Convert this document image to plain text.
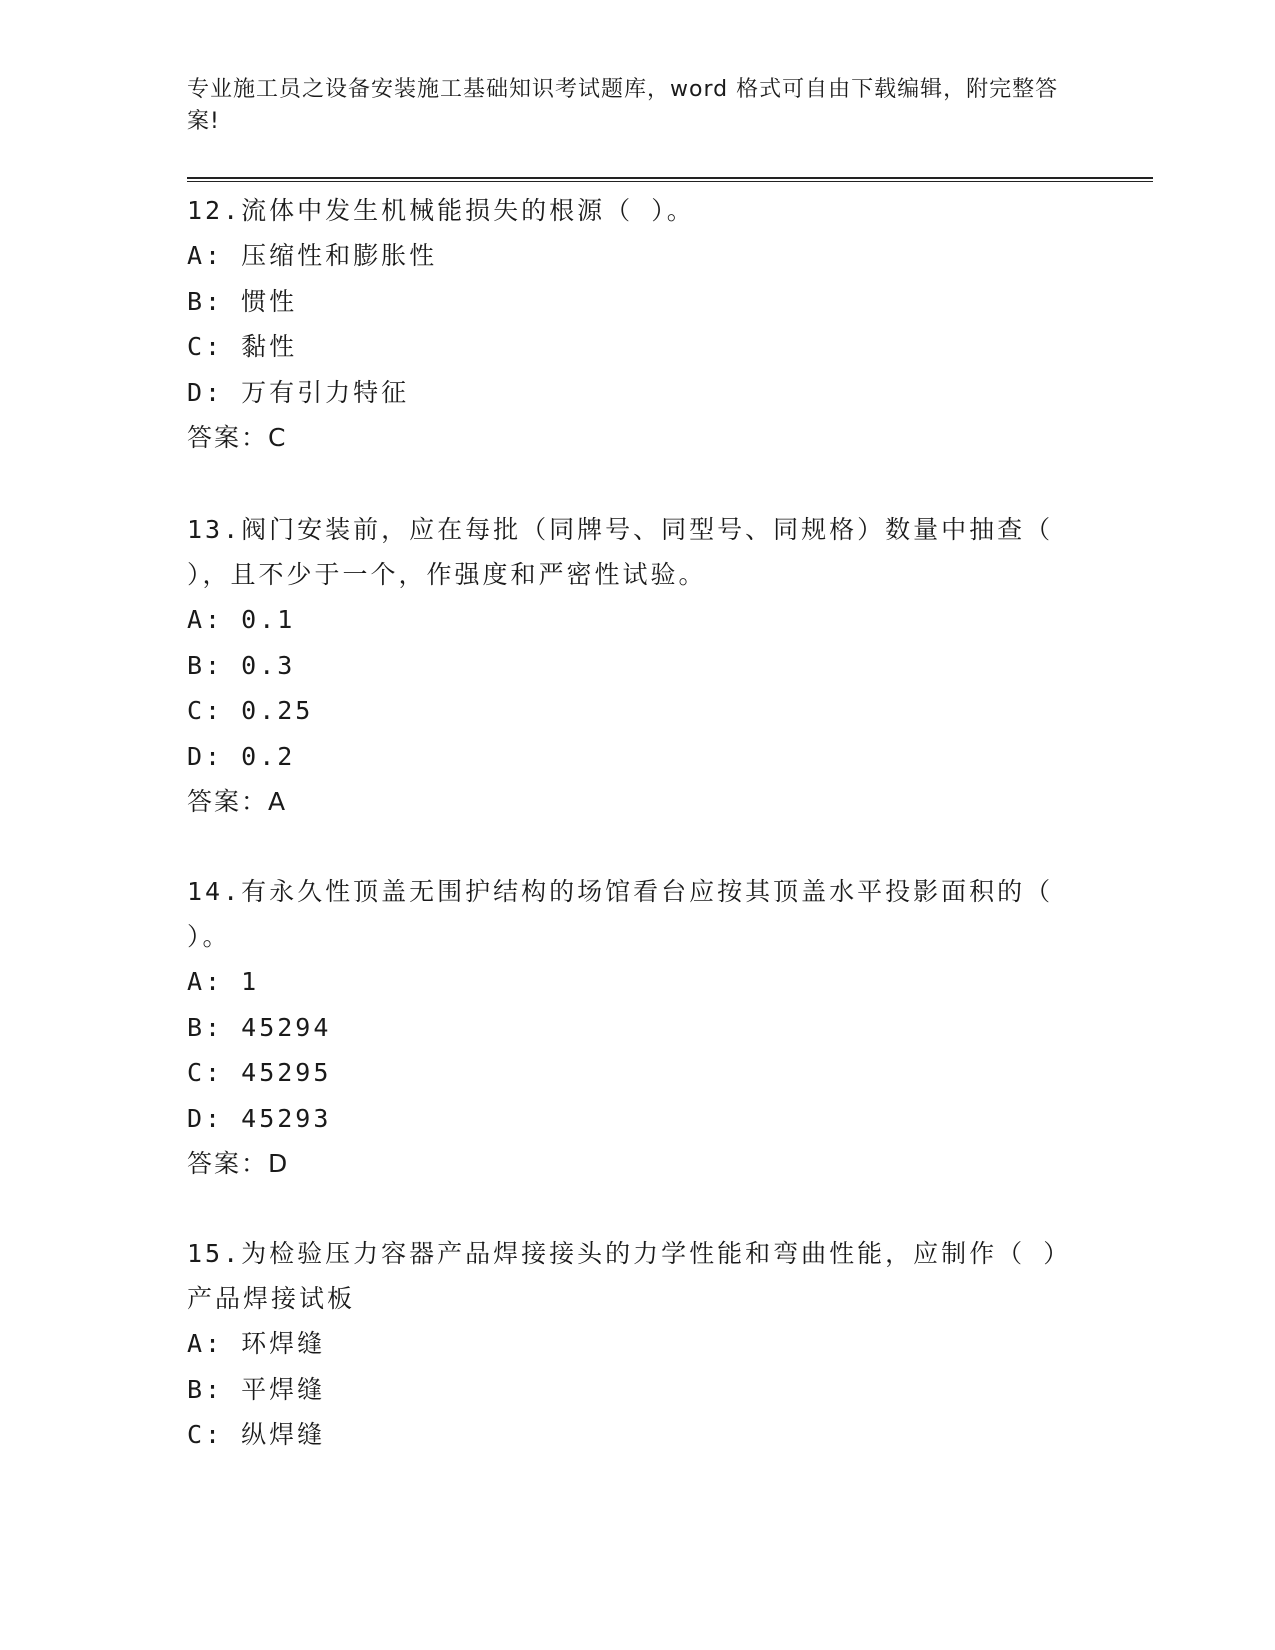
专业施工员之设备安装施工基础知识考试题库，word 格式可自由下载编辑，附完整答案!
12.流体中发生机械能损失的根源（ ）。
A: 压缩性和膨胀性
B: 惯性
C: 黏性
D: 万有引力特征
答案：C
13.阀门安装前，应在每批（同牌号、同型号、同规格）数量中抽查（ ），且不少于一个，作强度和严密性试验。
A: 0.1
B: 0.3
C: 0.25
D: 0.2
答案：A
14.有永久性顶盖无围护结构的场馆看台应按其顶盖水平投影面积的（ ）。
A: 1
B: 45294
C: 45295
D: 45293
答案：D
15.为检验压力容器产品焊接接头的力学性能和弯曲性能，应制作（ ）产品焊接试板
A: 环焊缝
B: 平焊缝
C: 纵焊缝
